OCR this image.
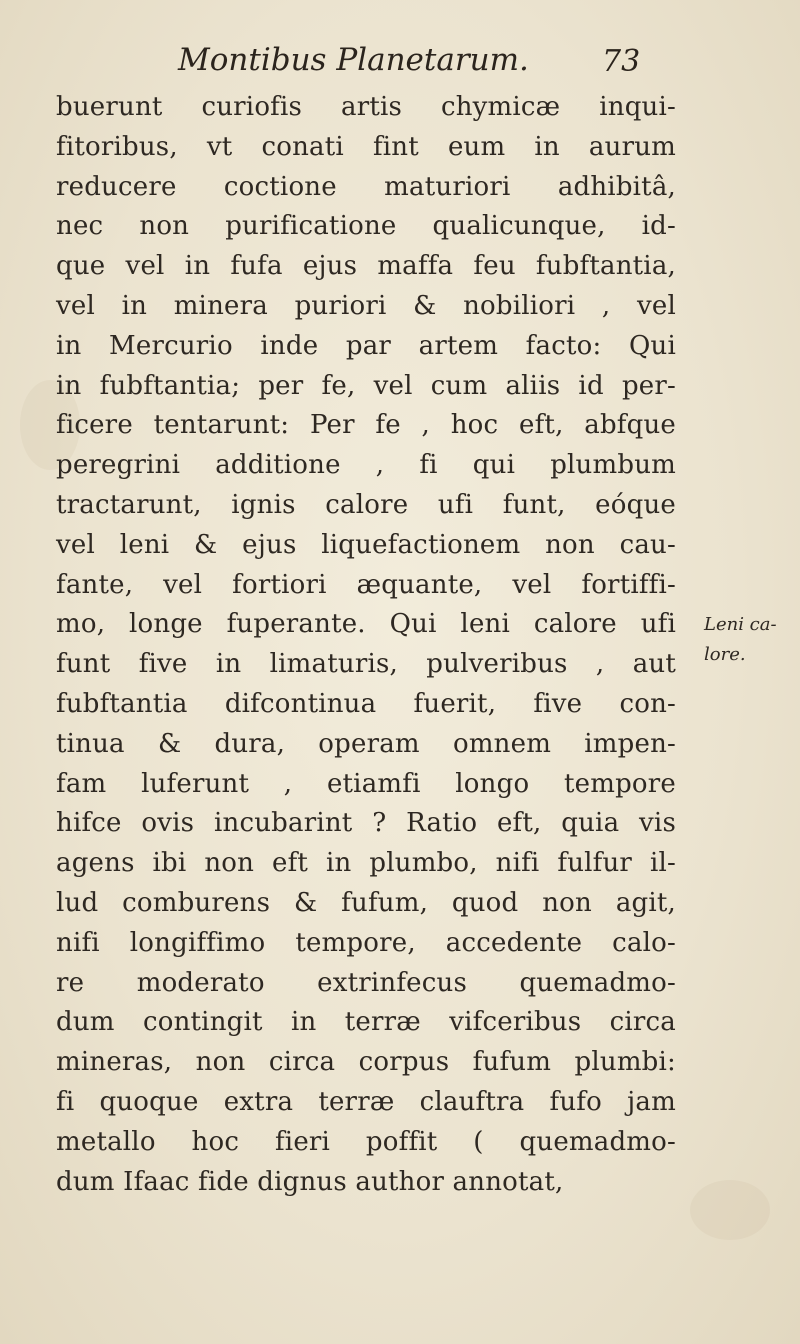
Montibus Planetarum. 73
buerunt curiofis artis chymicæ inqui-
fitoribus, vt conati fint eum in aurum
reducere coctione maturiori adhibitâ,
nec non purificatione qualicunque, id-
que vel in fufa ejus maffa feu fubftantia,
vel in minera puriori & nobiliori , vel
in Mercurio inde par artem facto: Qui
in fubftantia; per fe, vel cum aliis id per-
ficere tentarunt: Per fe , hoc eft, abfque
peregrini additione , fi qui plumbum
tractarunt, ignis calore ufi funt, eóque
vel leni & ejus liquefactionem non cau-
fante, vel fortiori æquante, vel fortiffi-
mo, longe fuperante. Qui leni calore ufi
funt five in limaturis, pulveribus , aut
fubftantia difcontinua fuerit, five con-
tinua & dura, operam omnem impen-
fam luferunt , etiamfi longo tempore
hifce ovis incubarint ? Ratio eft, quia vis
agens ibi non eft in plumbo, nifi fulfur il-
lud comburens & fufum, quod non agit,
nifi longiffimo tempore, accedente calo-
re moderato extrinfecus quemadmo-
dum contingit in terræ vifceribus circa
mineras, non circa corpus fufum plumbi:
fi quoque extra terræ clauftra fufo jam
metallo hoc fieri poffit ( quemadmo-
dum Ifaac fide dignus author annotat,
Leni ca-
lore.
